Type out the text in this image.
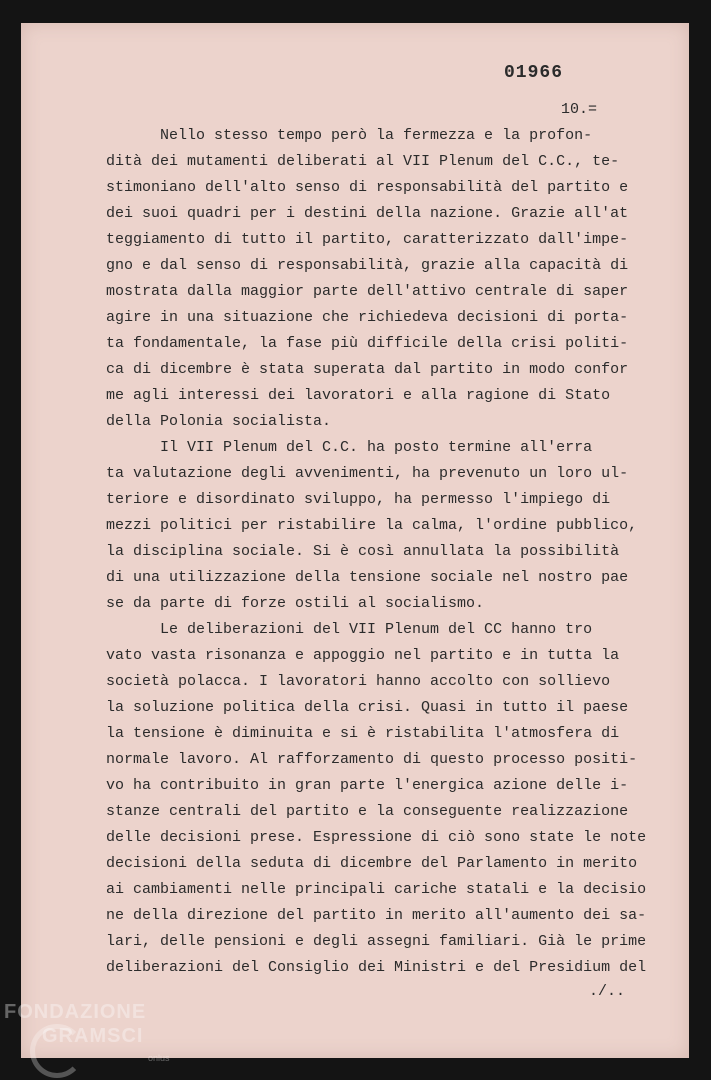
01966
10.=
Nello stesso tempo però la fermezza e la profon-
dità dei mutamenti deliberati al VII Plenum del C.C., te-
stimoniano dell'alto senso di responsabilità del partito e
dei suoi quadri per i destini della nazione. Grazie all'at
teggiamento di tutto il partito, caratterizzato dall'impe-
gno e dal senso di responsabilità, grazie alla capacità di
mostrata dalla maggior parte dell'attivo centrale di saper
agire in una situazione che richiedeva decisioni di porta-
ta fondamentale, la fase più difficile della crisi politi-
ca di dicembre è stata superata dal partito in modo confor
me agli interessi dei lavoratori e alla ragione di Stato
della Polonia socialista.
Il VII Plenum del C.C. ha posto termine all'erra
ta valutazione degli avvenimenti, ha prevenuto un loro ul-
teriore e disordinato sviluppo, ha permesso l'impiego di
mezzi politici per ristabilire la calma, l'ordine pubblico,
la disciplina sociale. Si è così annullata la possibilità
di una utilizzazione della tensione sociale nel nostro pae
se da parte di forze ostili al socialismo.
Le deliberazioni del VII Plenum del CC hanno tro
vato vasta risonanza e appoggio nel partito e in tutta la
società polacca. I lavoratori hanno accolto con sollievo
la soluzione politica della crisi. Quasi in tutto il paese
la tensione è diminuita e si è ristabilita l'atmosfera di
normale lavoro. Al rafforzamento di questo processo positi-
vo ha contribuito in gran parte l'energica azione delle i-
stanze centrali del partito e la conseguente realizzazione
delle decisioni prese. Espressione di ciò sono state le note
decisioni della seduta di dicembre del Parlamento in merito
ai cambiamenti nelle principali cariche statali e la decisio
ne della direzione del partito in merito all'aumento dei sa-
lari, delle pensioni e degli assegni familiari. Già le prime
deliberazioni del Consiglio dei Ministri e del Presidium del
./..
FONDAZIONE
GRAMSCI
onlus
